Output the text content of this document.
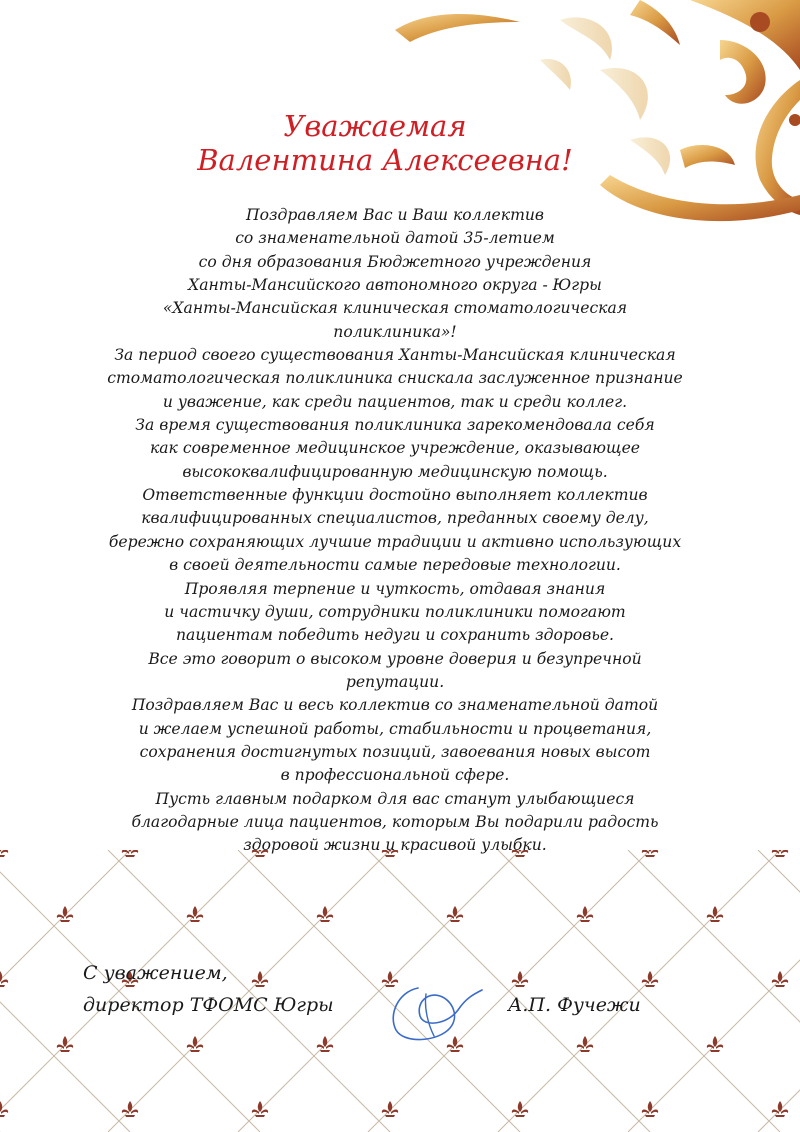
Уважаемая
Валентина Алексеевна!
Поздравляем Вас и Ваш коллектив
со знаменательной датой 35-летием
со дня образования Бюджетного учреждения
Ханты-Мансийского автономного округа - Югры
«Ханты-Мансийская клиническая стоматологическая
поликлиника»!
За период своего существования Ханты-Мансийская клиническая
стоматологическая поликлиника снискала заслуженное признание
и уважение, как среди пациентов, так и среди коллег.
За время существования поликлиника зарекомендовала себя
как современное медицинское учреждение, оказывающее
высококвалифицированную медицинскую помощь.
Ответственные функции достойно выполняет коллектив
квалифицированных специалистов, преданных своему делу,
бережно сохраняющих лучшие традиции и активно использующих
в своей деятельности самые передовые технологии.
Проявляя терпение и чуткость, отдавая знания
и частичку души, сотрудники поликлиники помогают
пациентам победить недуги и сохранить здоровье.
Все это говорит о высоком уровне доверия и безупречной
репутации.
Поздравляем Вас и весь коллектив со знаменательной датой
и желаем успешной работы, стабильности и процветания,
сохранения достигнутых позиций, завоевания новых высот
в профессиональной сфере.
Пусть главным подарком для вас станут улыбающиеся
благодарные лица пациентов, которым Вы подарили радость
здоровой жизни и красивой улыбки.
С уважением,
директор ТФОМС Югры	А.П. Фучежи
